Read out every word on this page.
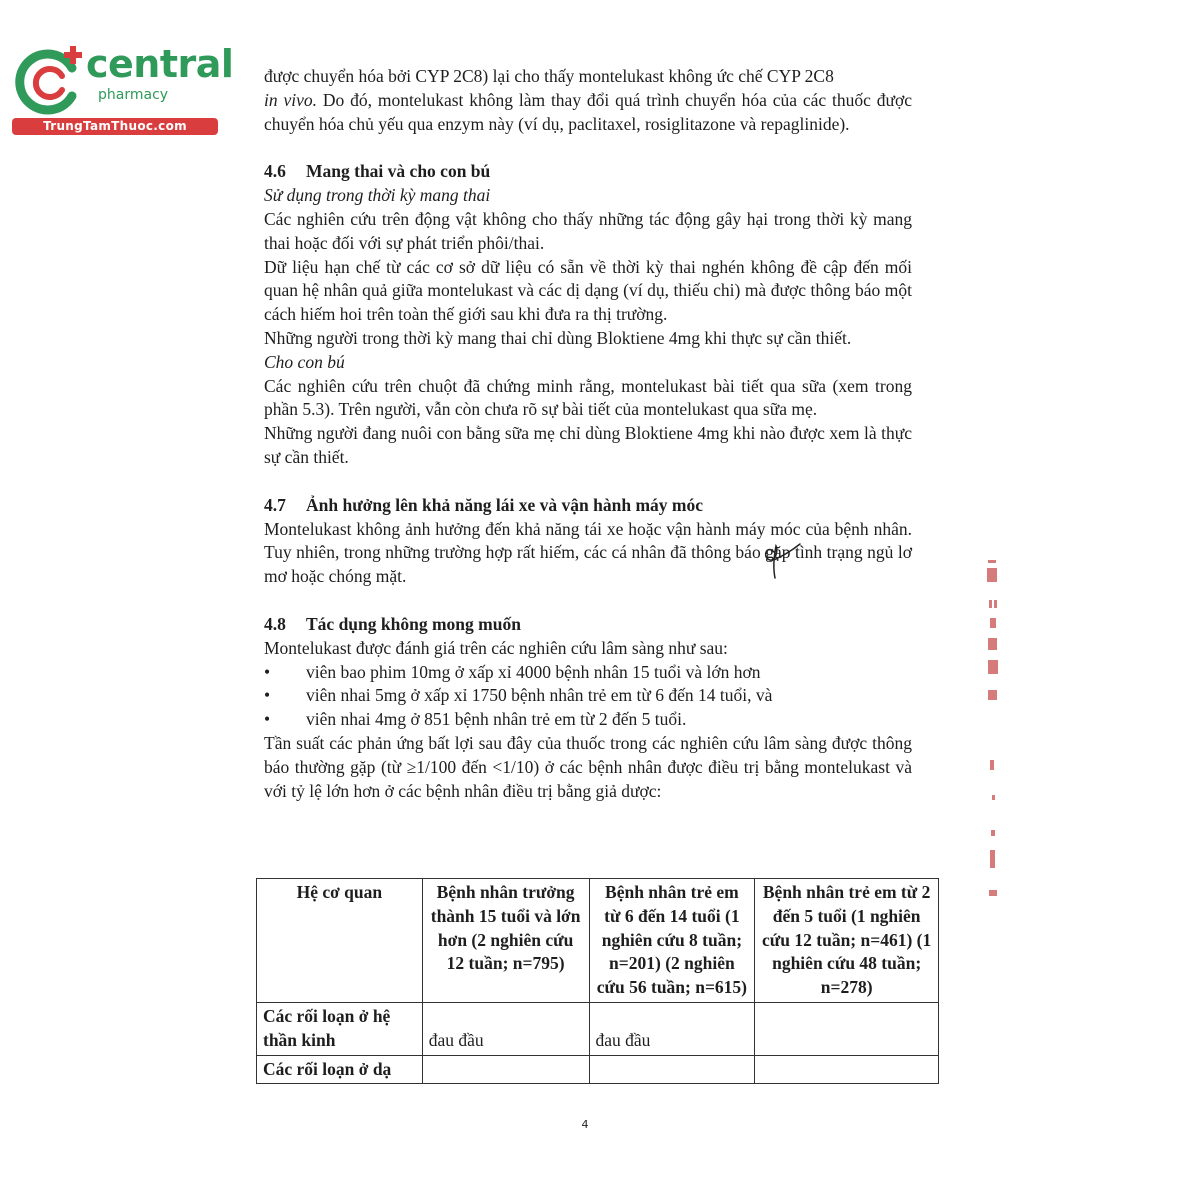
central
pharmacy
TrungTamThuoc.com

được chuyển hóa bởi CYP 2C8) lại cho thấy montelukast không ức chế CYP 2C8
in vivo. Do đó, montelukast không làm thay đổi quá trình chuyển hóa của các thuốc được chuyển hóa chủ yếu qua enzym này (ví dụ, paclitaxel, rosiglitazone và repaglinide).

4.6 Mang thai và cho con bú

Sử dụng trong thời kỳ mang thai

Các nghiên cứu trên động vật không cho thấy những tác động gây hại trong thời kỳ mang thai hoặc đối với sự phát triển phôi/thai.

Dữ liệu hạn chế từ các cơ sở dữ liệu có sẵn về thời kỳ thai nghén không đề cập đến mối quan hệ nhân quả giữa montelukast và các dị dạng (ví dụ, thiếu chi) mà được thông báo một cách hiếm hoi trên toàn thế giới sau khi đưa ra thị trường.

Những người trong thời kỳ mang thai chỉ dùng Bloktiene 4mg khi thực sự cần thiết.

Cho con bú

Các nghiên cứu trên chuột đã chứng minh rằng, montelukast bài tiết qua sữa (xem trong phần 5.3). Trên người, vẫn còn chưa rõ sự bài tiết của montelukast qua sữa mẹ.

Những người đang nuôi con bằng sữa mẹ chỉ dùng Bloktiene 4mg khi nào được xem là thực sự cần thiết.

4.7 Ảnh hưởng lên khả năng lái xe và vận hành máy móc

Montelukast không ảnh hưởng đến khả năng tái xe hoặc vận hành máy móc của bệnh nhân. Tuy nhiên, trong những trường hợp rất hiếm, các cá nhân đã thông báo gặp tình trạng ngủ lơ mơ hoặc chóng mặt.

4.8 Tác dụng không mong muốn

Montelukast được đánh giá trên các nghiên cứu lâm sàng như sau:

• viên bao phim 10mg ở xấp xỉ 4000 bệnh nhân 15 tuổi và lớn hơn
• viên nhai 5mg ở xấp xỉ 1750 bệnh nhân trẻ em từ 6 đến 14 tuổi, và
• viên nhai 4mg ở 851 bệnh nhân trẻ em từ 2 đến 5 tuổi.

Tần suất các phản ứng bất lợi sau đây của thuốc trong các nghiên cứu lâm sàng được thông báo thường gặp (từ ≥1/100 đến <1/10) ở các bệnh nhân được điều trị bằng montelukast và với tỷ lệ lớn hơn ở các bệnh nhân điều trị bằng giả dược:

Hệ cơ quan	Bệnh nhân trưởng thành 15 tuổi và lớn hơn (2 nghiên cứu 12 tuần; n=795)	Bệnh nhân trẻ em từ 6 đến 14 tuổi (1 nghiên cứu 8 tuần; n=201) (2 nghiên cứu 56 tuần; n=615)	Bệnh nhân trẻ em từ 2 đến 5 tuổi (1 nghiên cứu 12 tuần; n=461) (1 nghiên cứu 48 tuần; n=278)
Các rối loạn ở hệ thần kinh	đau đầu	đau đầu	
Các rối loạn ở dạ			
4
